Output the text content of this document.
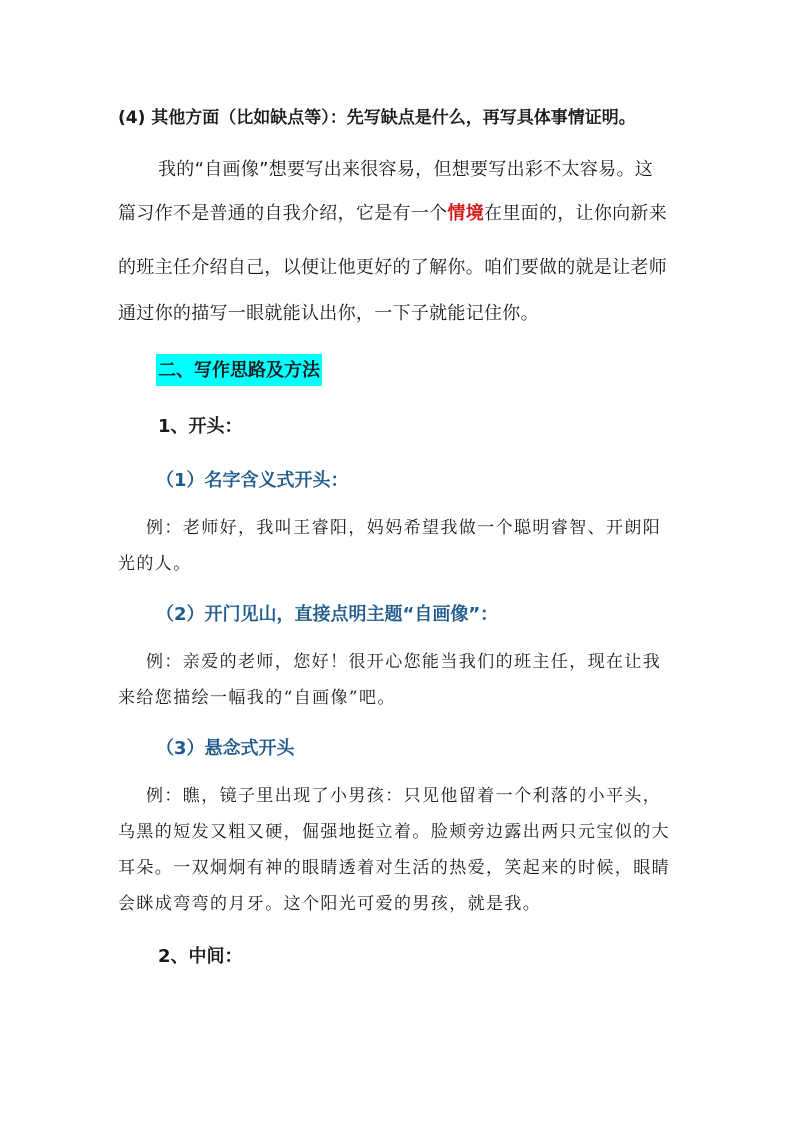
(4) 其他方面（比如缺点等）：先写缺点是什么，再写具体事情证明。
我的“自画像”想要写出来很容易，但想要写出彩不太容易。这
篇习作不是普通的自我介绍，它是有一个情境在里面的，让你向新来
的班主任介绍自己，以便让他更好的了解你。咱们要做的就是让老师
通过你的描写一眼就能认出你，一下子就能记住你。
二、写作思路及方法
1、开头：
（1）名字含义式开头：
例：老师好，我叫王睿阳，妈妈希望我做一个聪明睿智、开朗阳
光的人。
（2）开门见山，直接点明主题“自画像”：
例：亲爱的老师，您好！很开心您能当我们的班主任，现在让我
来给您描绘一幅我的“自画像”吧。
（3）悬念式开头
例：瞧，镜子里出现了小男孩：只见他留着一个利落的小平头，
乌黑的短发又粗又硬，倔强地挺立着。脸颊旁边露出两只元宝似的大
耳朵。一双炯炯有神的眼睛透着对生活的热爱，笑起来的时候，眼睛
会眯成弯弯的月牙。这个阳光可爱的男孩，就是我。
2、中间：
